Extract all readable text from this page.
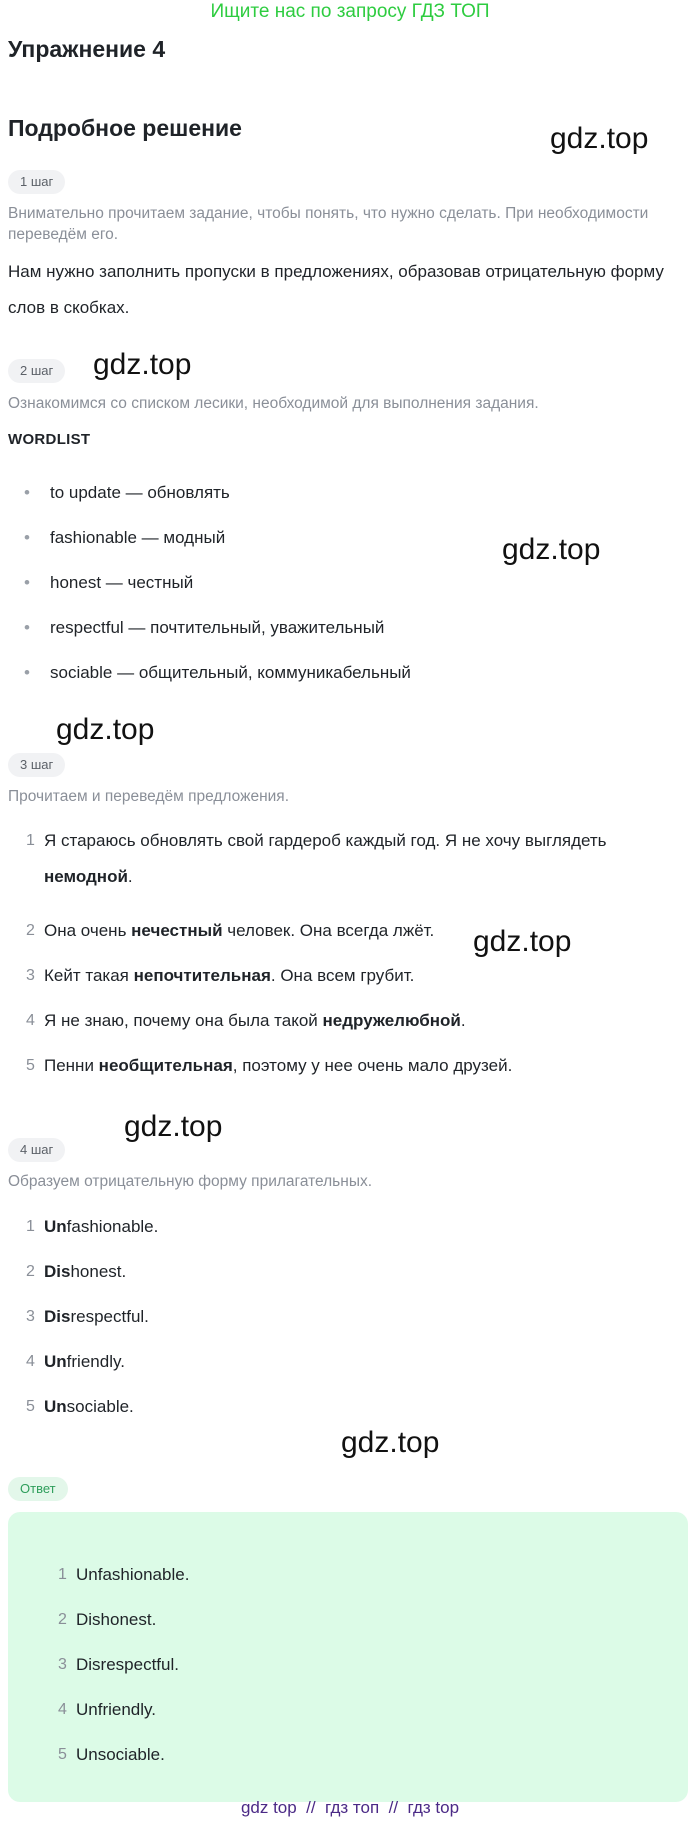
Ищите нас по запросу ГДЗ ТОП
Упражнение 4
Подробное решение	gdz.top
gdz.top
gdz.top
gdz.top
gdz.top
gdz.top
gdz.top
1 шаг
Внимательно прочитаем задание, чтобы понять, что нужно сделать. При необходимости переведём его.
Нам нужно заполнить пропуски в предложениях, образовав отрицательную форму слов в скобках.
2 шаг
Ознакомимся со списком лесики, необходимой для выполнения задания.
WORDLIST
• to update — обновлять
• fashionable — модный
• honest — честный
• respectful — почтительный, уважительный
• sociable — общительный, коммуникабельный
3 шаг
Прочитаем и переведём предложения.
1 Я стараюсь обновлять свой гардероб каждый год. Я не хочу выглядеть немодной.
2 Она очень нечестный человек. Она всегда лжёт.
3 Кейт такая непочтительная. Она всем грубит.
4 Я не знаю, почему она была такой недружелюбной.
5 Пенни необщительная, поэтому у нее очень мало друзей.
4 шаг
Образуем отрицательную форму прилагательных.
1 Unfashionable.
2 Dishonest.
3 Disrespectful.
4 Unfriendly.
5 Unsociable.
Ответ
1 Unfashionable.
2 Dishonest.
3 Disrespectful.
4 Unfriendly.
5 Unsociable.
gdz top  //  гдз топ  //  гдз top
